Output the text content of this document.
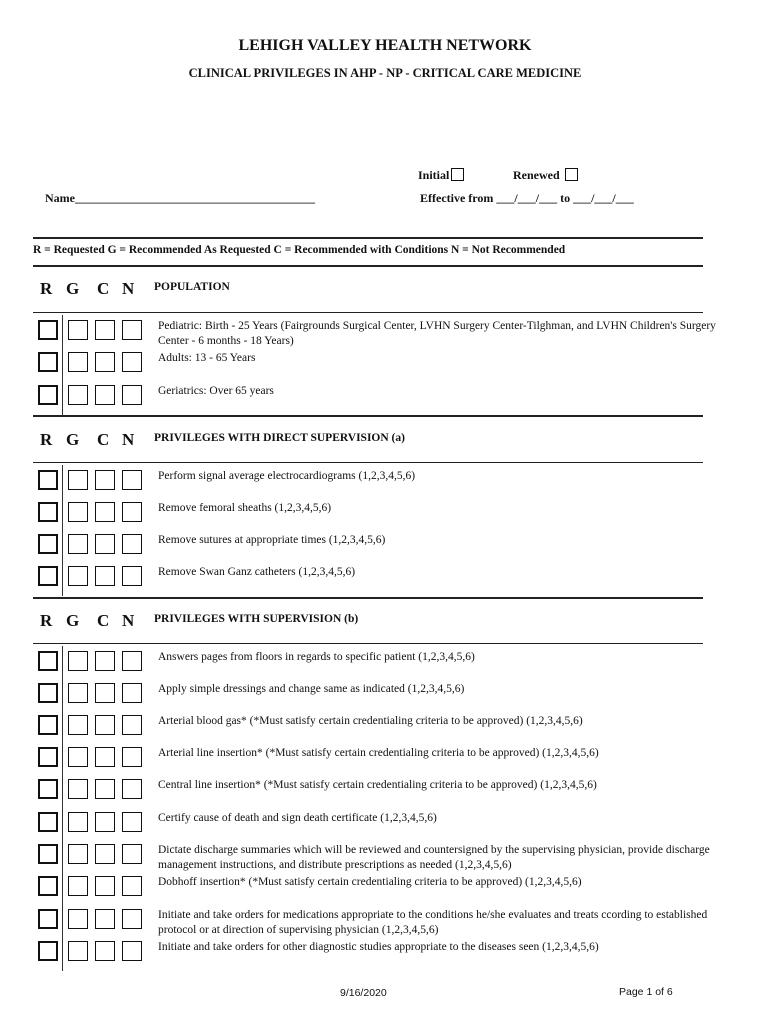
LEHIGH VALLEY HEALTH NETWORK
CLINICAL PRIVILEGES IN AHP - NP - CRITICAL CARE MEDICINE
Initial	Renewed
Name________________________________________	Effective from ___/___/___ to ___/___/___
R = Requested G = Recommended As Requested C = Recommended with Conditions N = Not Recommended
R G C N POPULATION
Pediatric: Birth - 25 Years (Fairgrounds Surgical Center, LVHN Surgery Center-Tilghman, and LVHN Children's Surgery Center - 6 months - 18 Years)
Adults: 13 - 65 Years
Geriatrics: Over 65 years
R G C N PRIVILEGES WITH DIRECT SUPERVISION (a)
Perform signal average electrocardiograms (1,2,3,4,5,6)
Remove femoral sheaths (1,2,3,4,5,6)
Remove sutures at appropriate times (1,2,3,4,5,6)
Remove Swan Ganz catheters (1,2,3,4,5,6)
R G C N PRIVILEGES WITH SUPERVISION (b)
Answers pages from floors in regards to specific patient (1,2,3,4,5,6)
Apply simple dressings and change same as indicated (1,2,3,4,5,6)
Arterial blood gas* (*Must satisfy certain credentialing criteria to be approved) (1,2,3,4,5,6)
Arterial line insertion* (*Must satisfy certain credentialing criteria to be approved) (1,2,3,4,5,6)
Central line insertion* (*Must satisfy certain credentialing criteria to be approved) (1,2,3,4,5,6)
Certify cause of death and sign death certificate (1,2,3,4,5,6)
Dictate discharge summaries which will be reviewed and countersigned by the supervising physician, provide discharge management instructions, and distribute prescriptions as needed (1,2,3,4,5,6)
Dobhoff insertion* (*Must satisfy certain credentialing criteria to be approved) (1,2,3,4,5,6)
Initiate and take orders for medications appropriate to the conditions he/she evaluates and treats ccording to established protocol or at direction of supervising physician (1,2,3,4,5,6)
Initiate and take orders for other diagnostic studies appropriate to the diseases seen (1,2,3,4,5,6)
9/16/2020	Page 1 of 6
